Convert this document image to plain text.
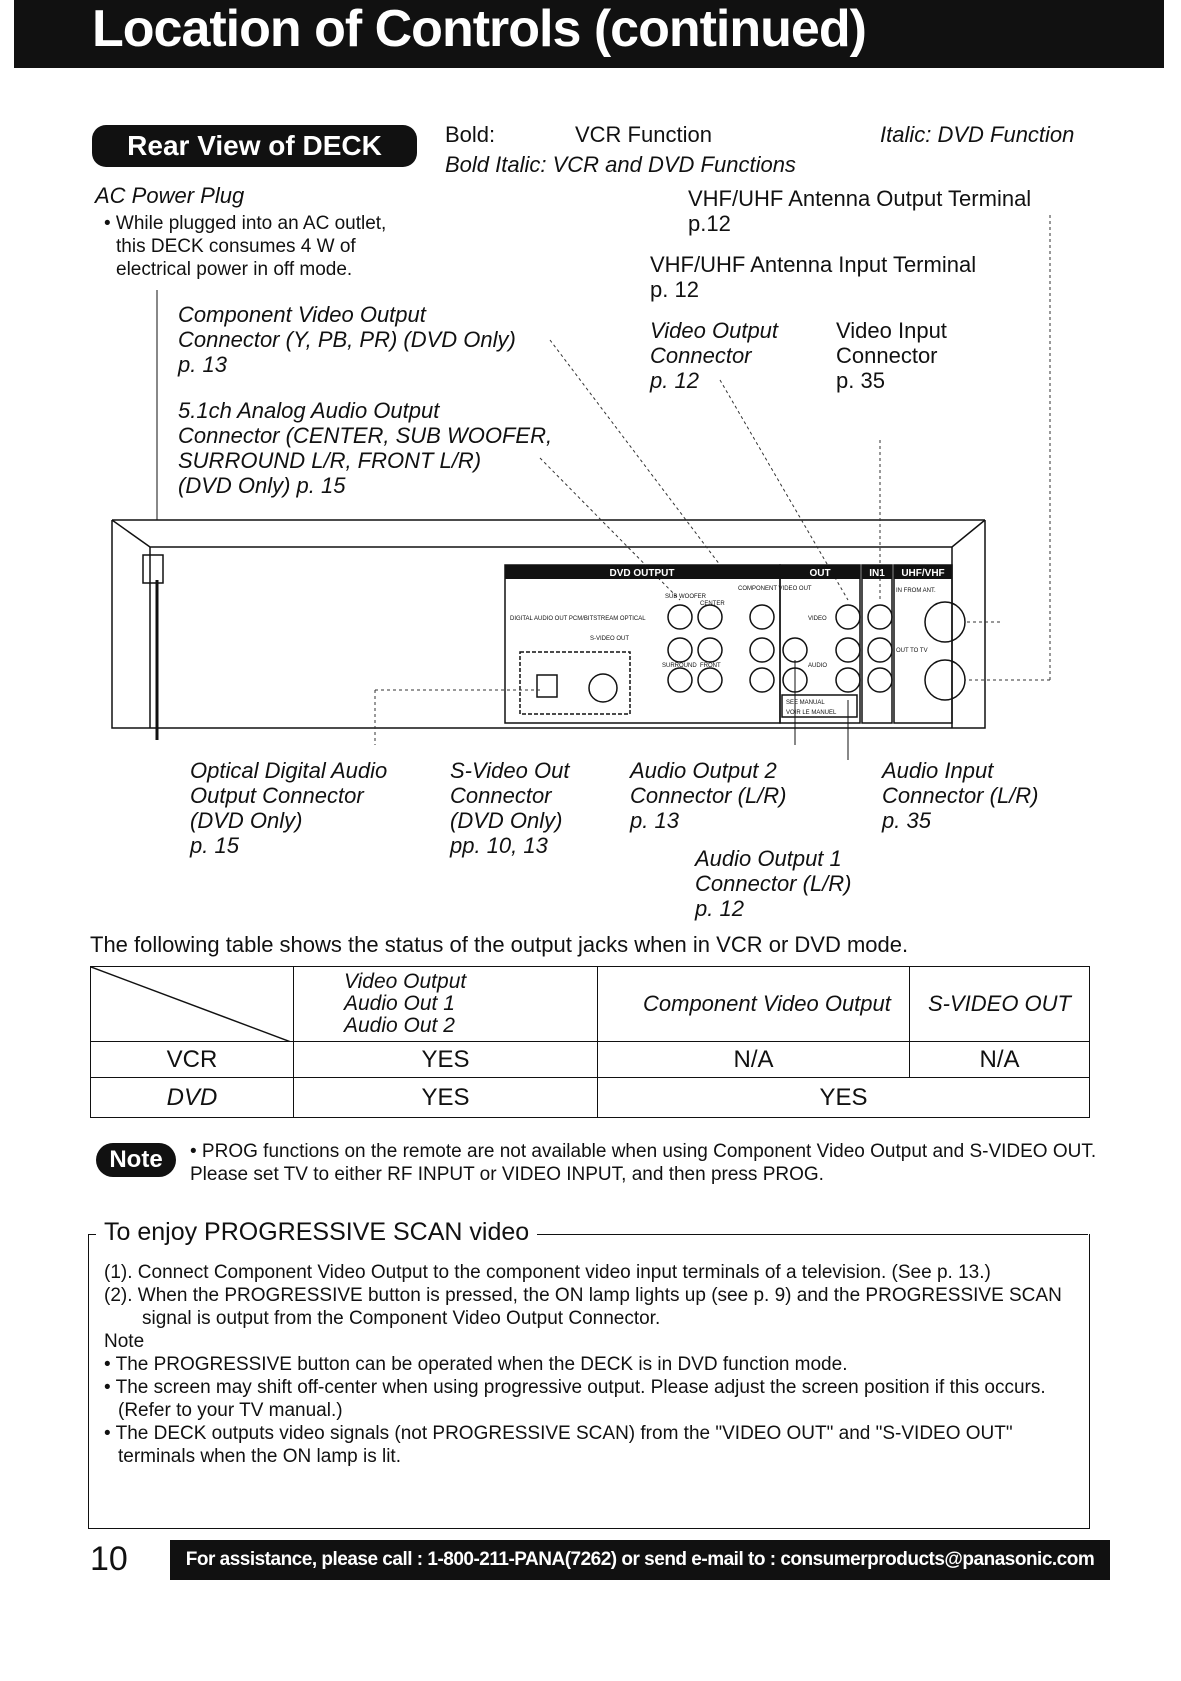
Location of Controls (continued)
Rear View of DECK	Bold:	VCR Function	Italic: DVD Function
Bold Italic: VCR and DVD Functions
AC Power Plug
• While plugged into an AC outlet,
this DECK consumes 4 W of
electrical power in off mode.
Component Video Output
Connector (Y, PB, PR) (DVD Only)
p. 13
5.1ch Analog Audio Output
Connector (CENTER, SUB WOOFER,
SURROUND L/R, FRONT L/R)
(DVD Only) p. 15
VHF/UHF Antenna Output Terminal
p.12
VHF/UHF Antenna Input Terminal
p. 12
Video Output
Connector
p. 12
Video Input
Connector
p. 35
DVD OUTPUT	OUT	IN1 UHF/VHF
DIGITAL AUDIO OUT PCM/BITSTREAM OPTICAL
S-VIDEO OUT
SUB WOOFER
CENTER
SURROUND FRONT
COMPONENT VIDEO OUT
VIDEO
AUDIO
SEE MANUAL
VOIR LE MANUEL
IN FROM ANT.
OUT TO TV
Optical Digital Audio
Output Connector
(DVD Only)
p. 15
S-Video Out
Connector
(DVD Only)
pp. 10, 13
Audio Output 2
Connector (L/R)
p. 13
Audio Input
Connector (L/R)
p. 35
Audio Output 1
Connector (L/R)
p. 12
The following table shows the status of the output jacks when in VCR or DVD mode.

Video Output
Audio Out 1
Audio Out 2	Component Video Output	S-VIDEO OUT
VCR	YES	N/A	N/A
DVD	YES	YES	
Note	• PROG functions on the remote are not available when using Component Video Output and S-VIDEO OUT. Please set TV to either RF INPUT or VIDEO INPUT, and then press PROG.
To enjoy PROGRESSIVE SCAN video
(1). Connect Component Video Output to the component video input terminals of a television. (See p. 13.)
(2). When the PROGRESSIVE button is pressed, the ON lamp lights up (see p. 9) and the PROGRESSIVE SCAN signal is output from the Component Video Output Connector.
Note
• The PROGRESSIVE button can be operated when the DECK is in DVD function mode.
• The screen may shift off-center when using progressive output. Please adjust the screen position if this occurs. (Refer to your TV manual.)
• The DECK outputs video signals (not PROGRESSIVE SCAN) from the "VIDEO OUT" and "S-VIDEO OUT" terminals when the ON lamp is lit.
10	For assistance, please call : 1-800-211-PANA(7262) or send e-mail to : consumerproducts@panasonic.com
